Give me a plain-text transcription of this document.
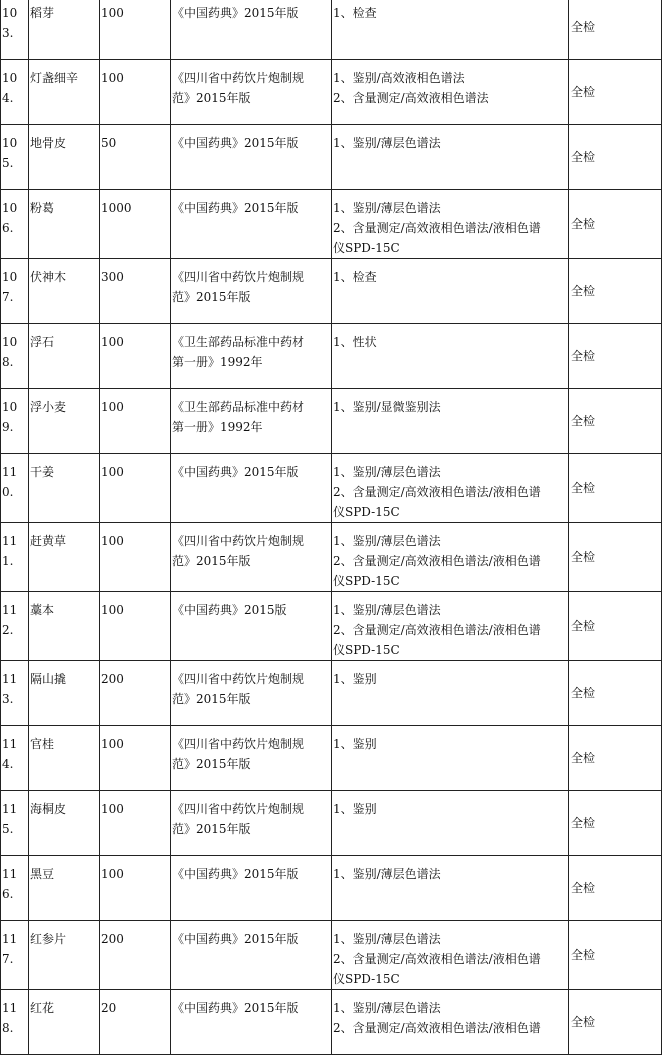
103.	稻芽	100	《中国药典》2015年版	1、检查	全检

104.	灯盏细辛	100	《四川省中药饮片炮制规
范》2015年版	1、鉴别/高效液相色谱法
2、含量测定/高效液相色谱法	全检

105.	地骨皮	50	《中国药典》2015年版	1、鉴别/薄层色谱法	全检

106.	粉葛	1000	《中国药典》2015年版	1、鉴别/薄层色谱法
2、含量测定/高效液相色谱法/液相色谱
仪SPD-15C	全检

107.	伏神木	300	《四川省中药饮片炮制规
范》2015年版	1、检查	全检

108.	浮石	100	《卫生部药品标准中药材
第一册》1992年	1、性状	全检

109.	浮小麦	100	《卫生部药品标准中药材
第一册》1992年	1、鉴别/显微鉴别法	全检

110.	干姜	100	《中国药典》2015年版	1、鉴别/薄层色谱法
2、含量测定/高效液相色谱法/液相色谱
仪SPD-15C	全检

111.	赶黄草	100	《四川省中药饮片炮制规
范》2015年版	1、鉴别/薄层色谱法
2、含量测定/高效液相色谱法/液相色谱
仪SPD-15C	全检

112.	藁本	100	《中国药典》2015版	1、鉴别/薄层色谱法
2、含量测定/高效液相色谱法/液相色谱
仪SPD-15C	全检

113.	隔山撬	200	《四川省中药饮片炮制规
范》2015年版	1、鉴别	全检

114.	官桂	100	《四川省中药饮片炮制规
范》2015年版	1、鉴别	全检

115.	海桐皮	100	《四川省中药饮片炮制规
范》2015年版	1、鉴别	全检

116.	黑豆	100	《中国药典》2015年版	1、鉴别/薄层色谱法	全检

117.	红参片	200	《中国药典》2015年版	1、鉴别/薄层色谱法
2、含量测定/高效液相色谱法/液相色谱
仪SPD-15C	全检

118.	红花	20	《中国药典》2015年版	1、鉴别/薄层色谱法
2、含量测定/高效液相色谱法/液相色谱	全检
